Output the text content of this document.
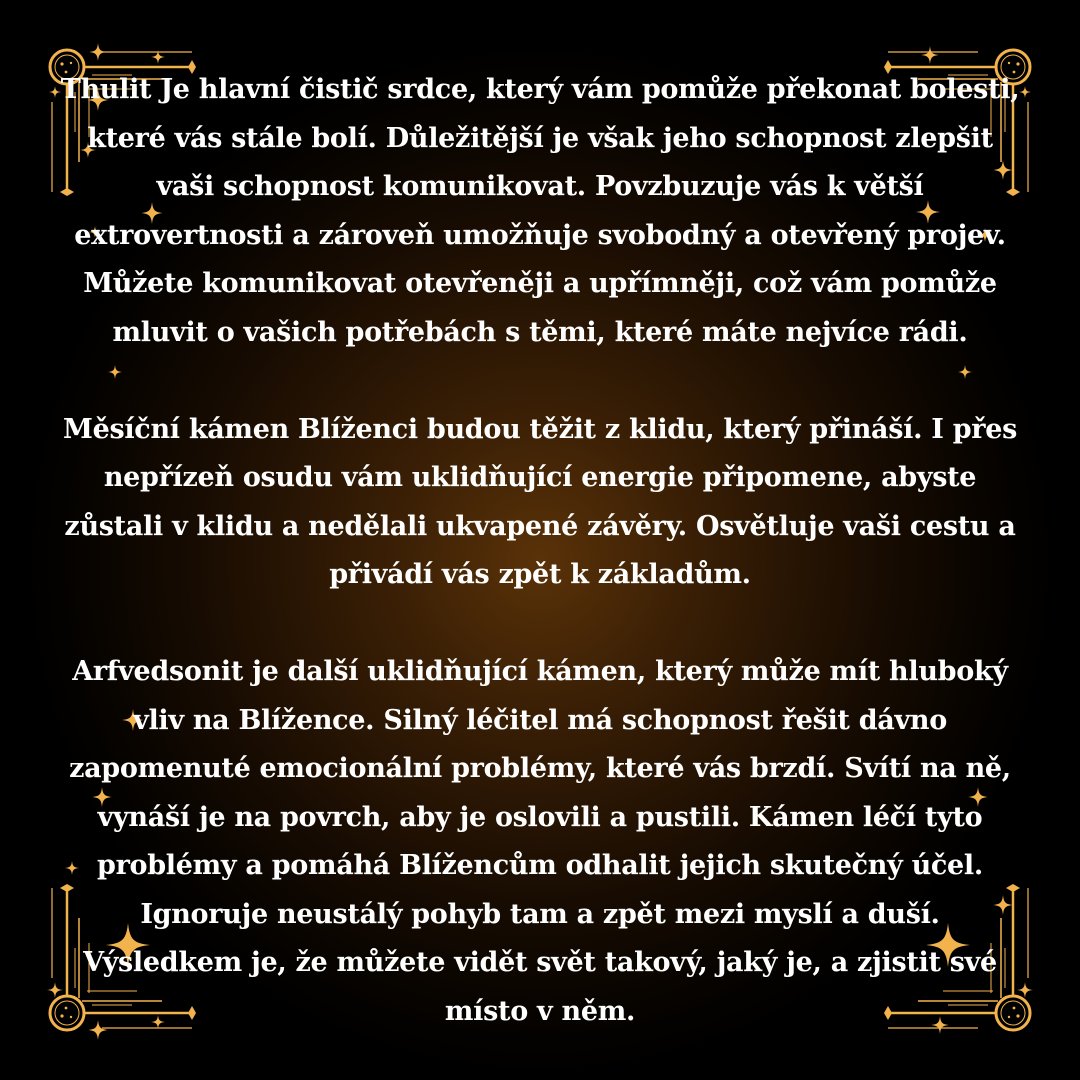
Thulit Je hlavní čistič srdce, který vám pomůže překonat bolesti, které vás stále bolí. Důležitější je však jeho schopnost zlepšit vaši schopnost komunikovat. Povzbuzuje vás k větší extrovertnosti a zároveň umožňuje svobodný a otevřený projev. Můžete komunikovat otevřeněji a upřímněji, což vám pomůže mluvit o vašich potřebách s těmi, které máte nejvíce rádi.

Měsíční kámen Blíženci budou těžit z klidu, který přináší. I přes nepřízeň osudu vám uklidňující energie připomene, abyste zůstali v klidu a nedělali ukvapené závěry. Osvětluje vaši cestu a přivádí vás zpět k základům.

Arfvedsonit je další uklidňující kámen, který může mít hluboký vliv na Blížence. Silný léčitel má schopnost řešit dávno zapomenuté emocionální problémy, které vás brzdí. Svítí na ně, vynáší je na povrch, aby je oslovili a pustili. Kámen léčí tyto problémy a pomáhá Blížencům odhalit jejich skutečný účel. Ignoruje neustálý pohyb tam a zpět mezi myslí a duší. Výsledkem je, že můžete vidět svět takový, jaký je, a zjistit své místo v něm.
